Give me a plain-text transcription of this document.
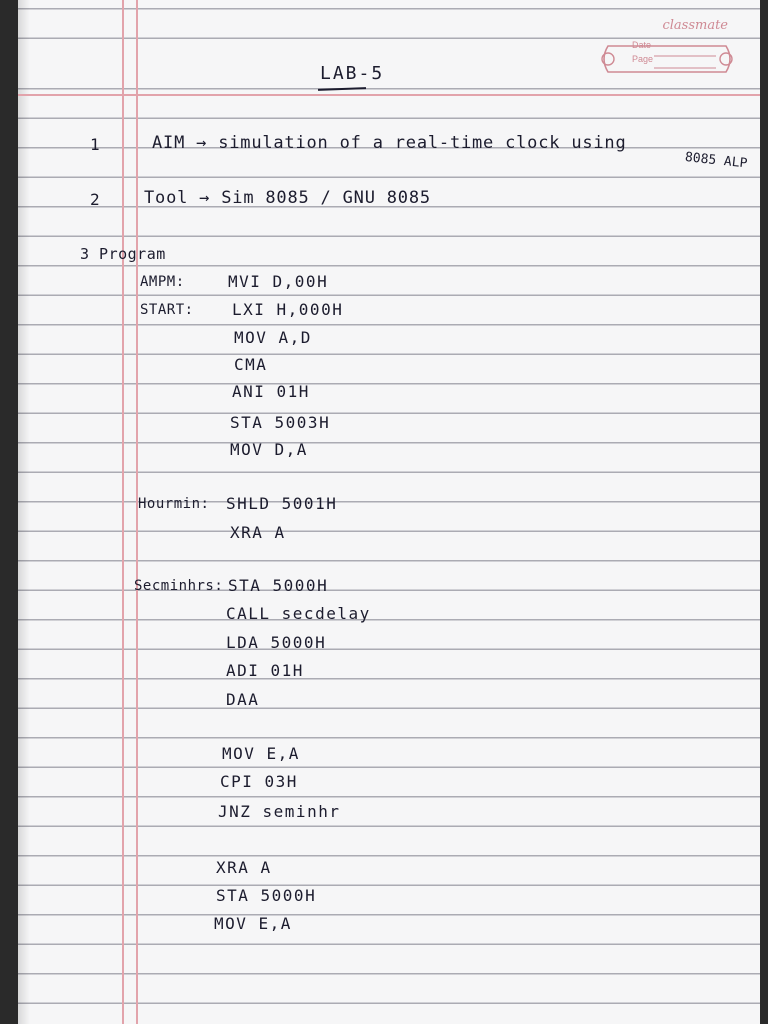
classmate
Date
Page
LAB-5
1	AIM → simulation of a real-time clock using
8085 ALP
2	Tool → Sim 8085 / GNU 8085
3 Program
AMPM:	MVI D,00H
START: LXI H,000H
MOV A,D
CMA
ANI 01H
STA 5003H
MOV D,A
Hourmin: SHLD 5001H
XRA A
Secminhrs: STA 5000H
CALL secdelay
LDA 5000H
ADI 01H
DAA
MOV E,A
CPI 03H
JNZ seminhr
XRA A
STA 5000H
MOV E,A
